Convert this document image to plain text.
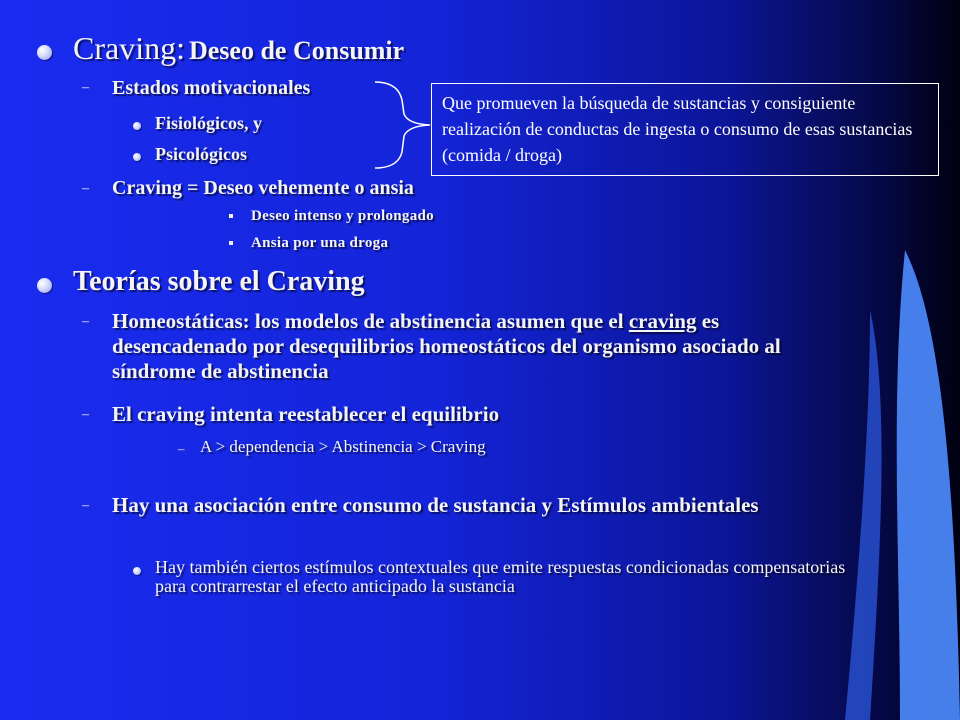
Craving: Deseo de Consumir
– Estados motivacionales
Fisiológicos, y
Psicológicos
Que promueven la búsqueda de sustancias y consiguiente realización de conductas de ingesta o consumo de esas sustancias (comida / droga)
– Craving = Deseo vehemente o ansia
Deseo intenso y prolongado
Ansia por una droga
Teorías sobre el Craving
– Homeostáticas: los modelos de abstinencia asumen que el craving es desencadenado por desequilibrios homeostáticos del organismo asociado al síndrome de abstinencia
– El craving intenta reestablecer el equilibrio
– A > dependencia > Abstinencia > Craving
– Hay una asociación entre consumo de sustancia y Estímulos ambientales
Hay también ciertos estímulos contextuales que emite respuestas condicionadas compensatorias para contrarrestar el efecto anticipado la sustancia
